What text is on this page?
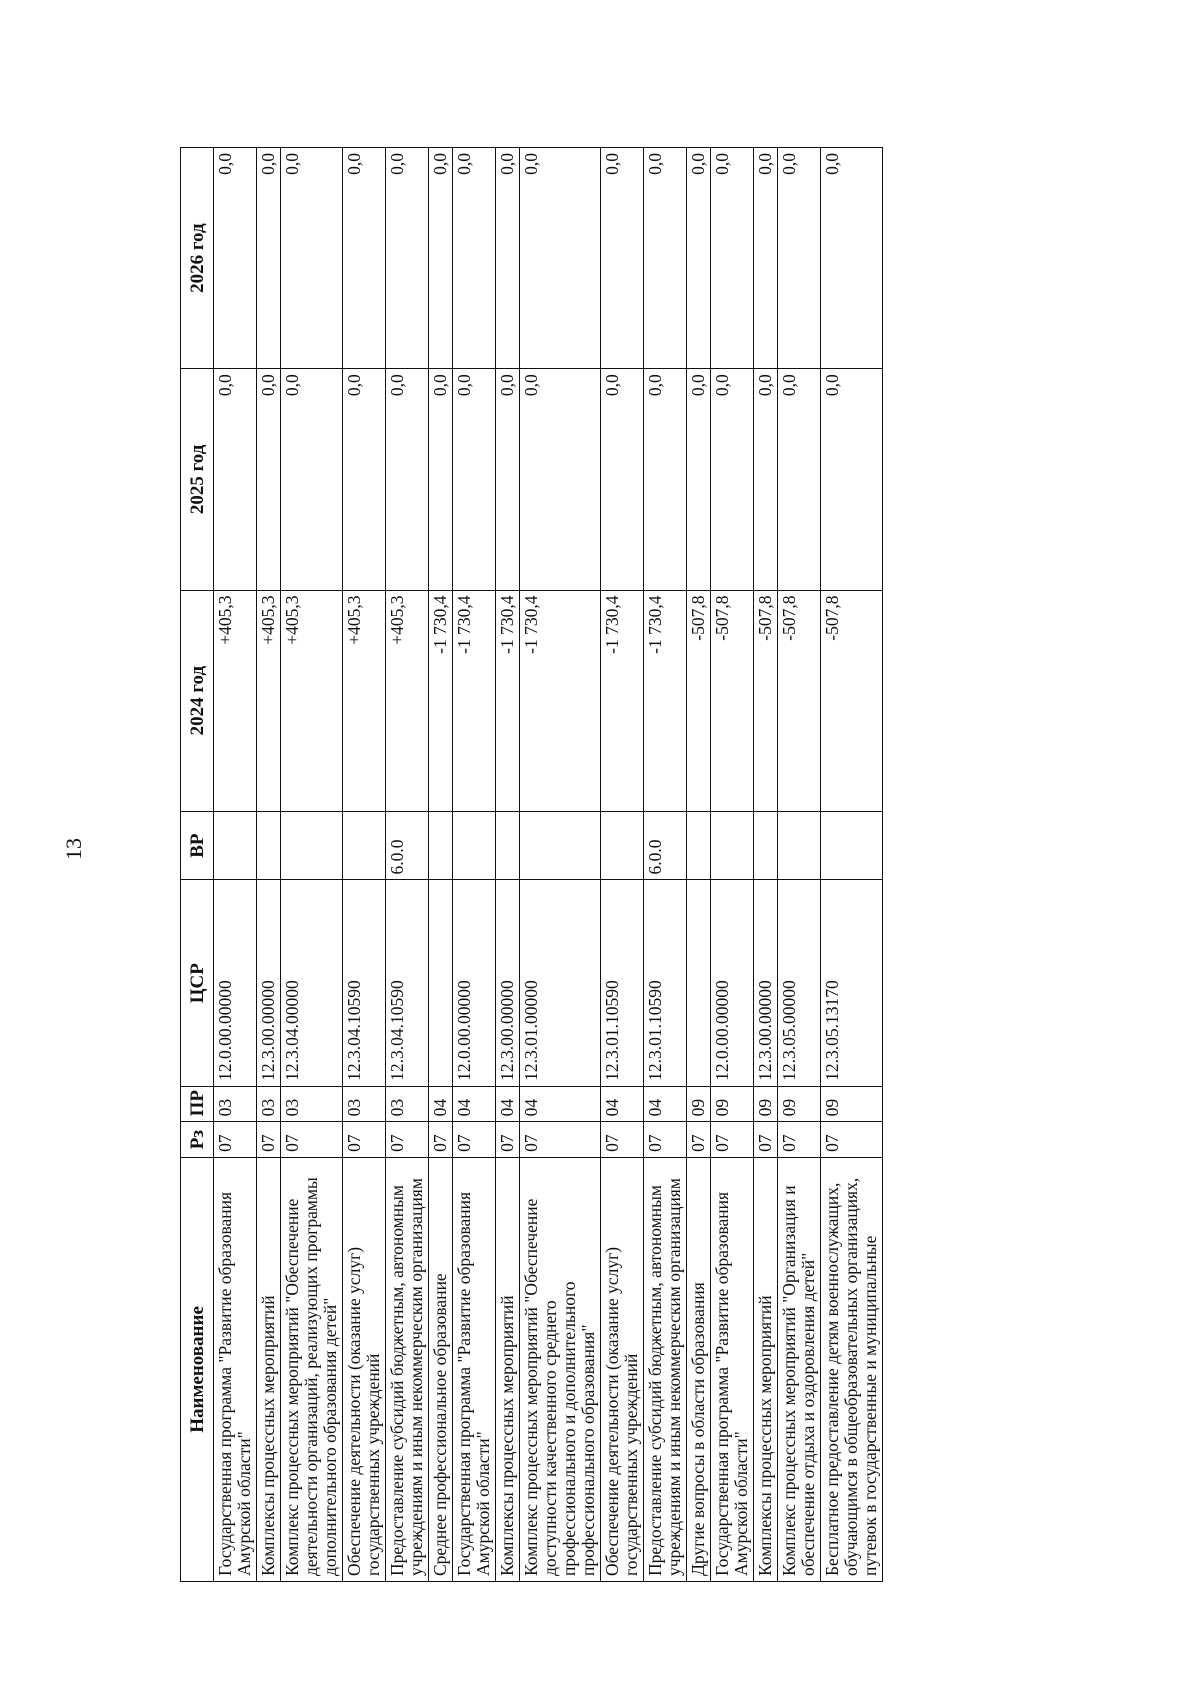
13
Наименование	Рз	ПР	ЦСР	ВР	2024 год	2025 год	2026 год
Государственная программа "Развитие образования Амурской области"	07	03	12.0.00.00000		+405,3	0,0	0,0
Комплексы процессных мероприятий	07	03	12.3.00.00000		+405,3	0,0	0,0
Комплекс процессных мероприятий "Обеспечение деятельности организаций, реализующих программы дополнительного образования детей"	07	03	12.3.04.00000		+405,3	0,0	0,0
Обеспечение деятельности (оказание услуг) государственных учреждений	07	03	12.3.04.10590		+405,3	0,0	0,0
Предоставление субсидий бюджетным, автономным учреждениям и иным некоммерческим организациям	07	03	12.3.04.10590	6.0.0	+405,3	0,0	0,0
Среднее профессиональное образование	07	04			-1 730,4	0,0	0,0
Государственная программа "Развитие образования Амурской области"	07	04	12.0.00.00000		-1 730,4	0,0	0,0
Комплексы процессных мероприятий	07	04	12.3.00.00000		-1 730,4	0,0	0,0
Комплекс процессных мероприятий "Обеспечение доступности качественного среднего профессионального и дополнительного профессионального образования"	07	04	12.3.01.00000		-1 730,4	0,0	0,0
Обеспечение деятельности (оказание услуг) государственных учреждений	07	04	12.3.01.10590		-1 730,4	0,0	0,0
Предоставление субсидий бюджетным, автономным учреждениям и иным некоммерческим организациям	07	04	12.3.01.10590	6.0.0	-1 730,4	0,0	0,0
Другие вопросы в области образования	07	09			-507,8	0,0	0,0
Государственная программа "Развитие образования Амурской области"	07	09	12.0.00.00000		-507,8	0,0	0,0
Комплексы процессных мероприятий	07	09	12.3.00.00000		-507,8	0,0	0,0
Комплекс процессных мероприятий "Организация и обеспечение отдыха и оздоровления детей"	07	09	12.3.05.00000		-507,8	0,0	0,0
Бесплатное предоставление детям военнослужащих, обучающимся в общеобразовательных организациях, путевок в государственные и муниципальные	07	09	12.3.05.13170		-507,8	0,0	0,0
